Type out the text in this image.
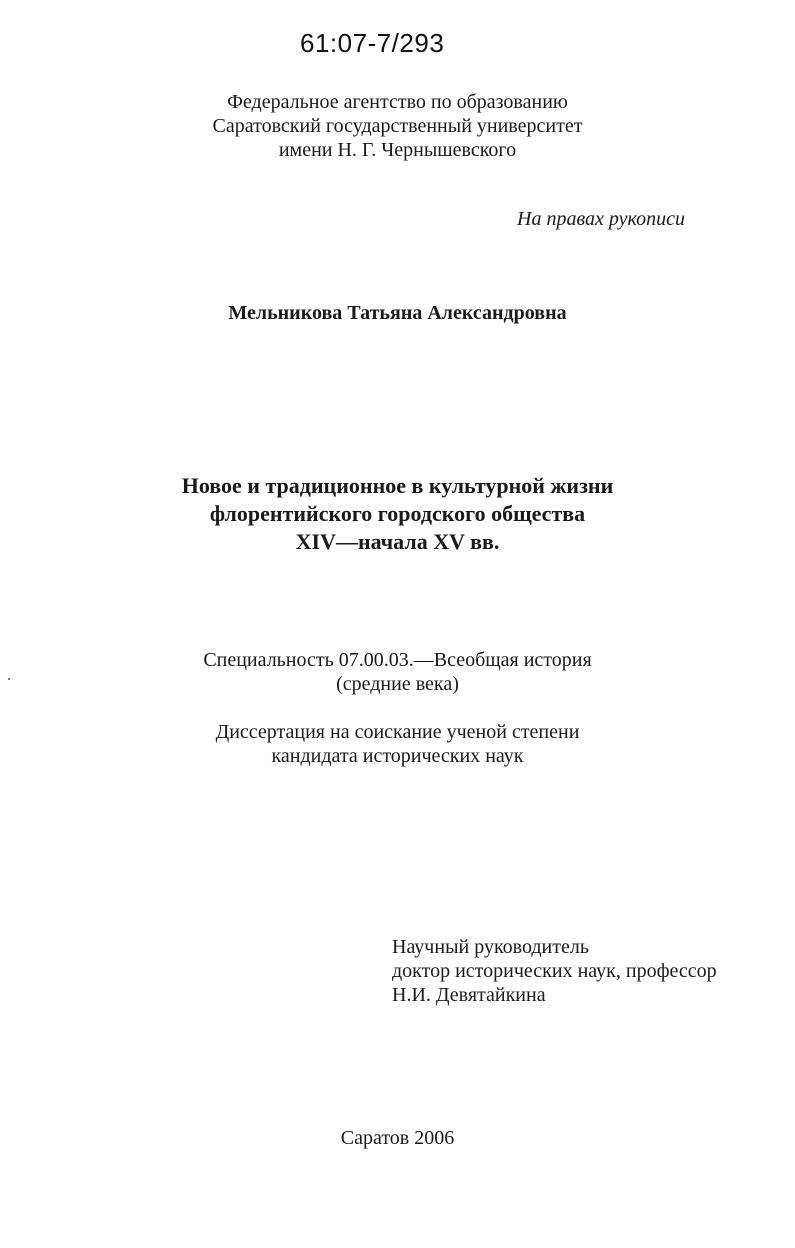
61:07-7/293
Федеральное агентство по образованию
Саратовский государственный университет
имени Н. Г. Чернышевского
На правах рукописи
Мельникова Татьяна Александровна
Новое и традиционное в культурной жизни
флорентийского городского общества
XIV—начала XV вв.
Специальность 07.00.03.—Всеобщая история
(средние века)
Диссертация на соискание ученой степени
кандидата исторических наук
Научный руководитель
доктор исторических наук, профессор
Н.И. Девятайкина
Саратов 2006
